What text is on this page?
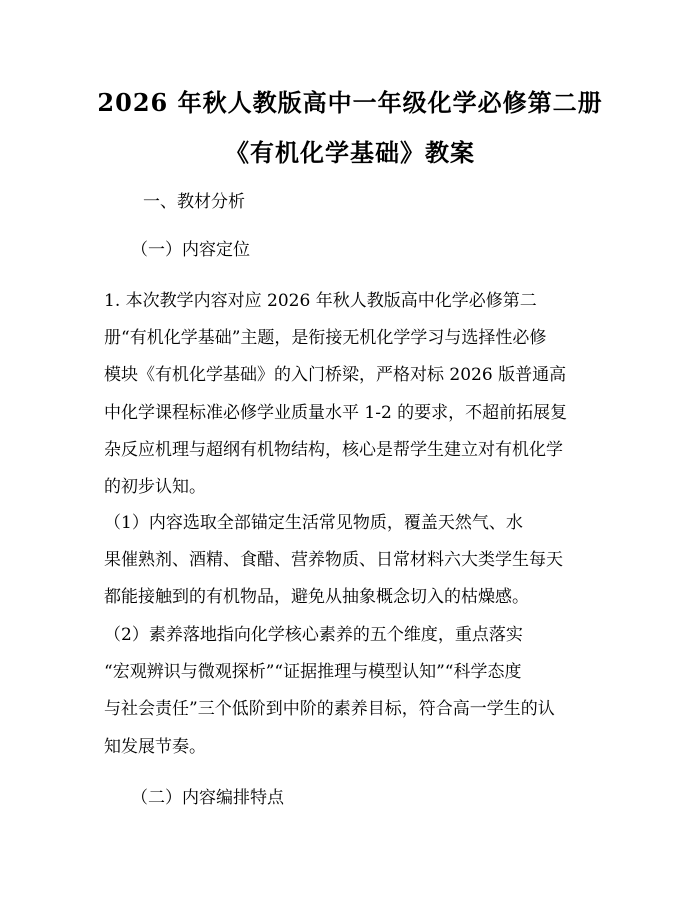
2026 年秋人教版高中一年级化学必修第二册
《有机化学基础》教案
一、教材分析
（一）内容定位
1. 本次教学内容对应 2026 年秋人教版高中化学必修第二
册“有机化学基础”主题，是衔接无机化学学习与选择性必修
模块《有机化学基础》的入门桥梁，严格对标 2026 版普通高
中化学课程标准必修学业质量水平 1-2 的要求，不超前拓展复
杂反应机理与超纲有机物结构，核心是帮学生建立对有机化学
的初步认知。
（1）内容选取全部锚定生活常见物质，覆盖天然气、水
果催熟剂、酒精、食醋、营养物质、日常材料六大类学生每天
都能接触到的有机物品，避免从抽象概念切入的枯燥感。
（2）素养落地指向化学核心素养的五个维度，重点落实
“宏观辨识与微观探析”“证据推理与模型认知”“科学态度
与社会责任”三个低阶到中阶的素养目标，符合高一学生的认
知发展节奏。
（二）内容编排特点
